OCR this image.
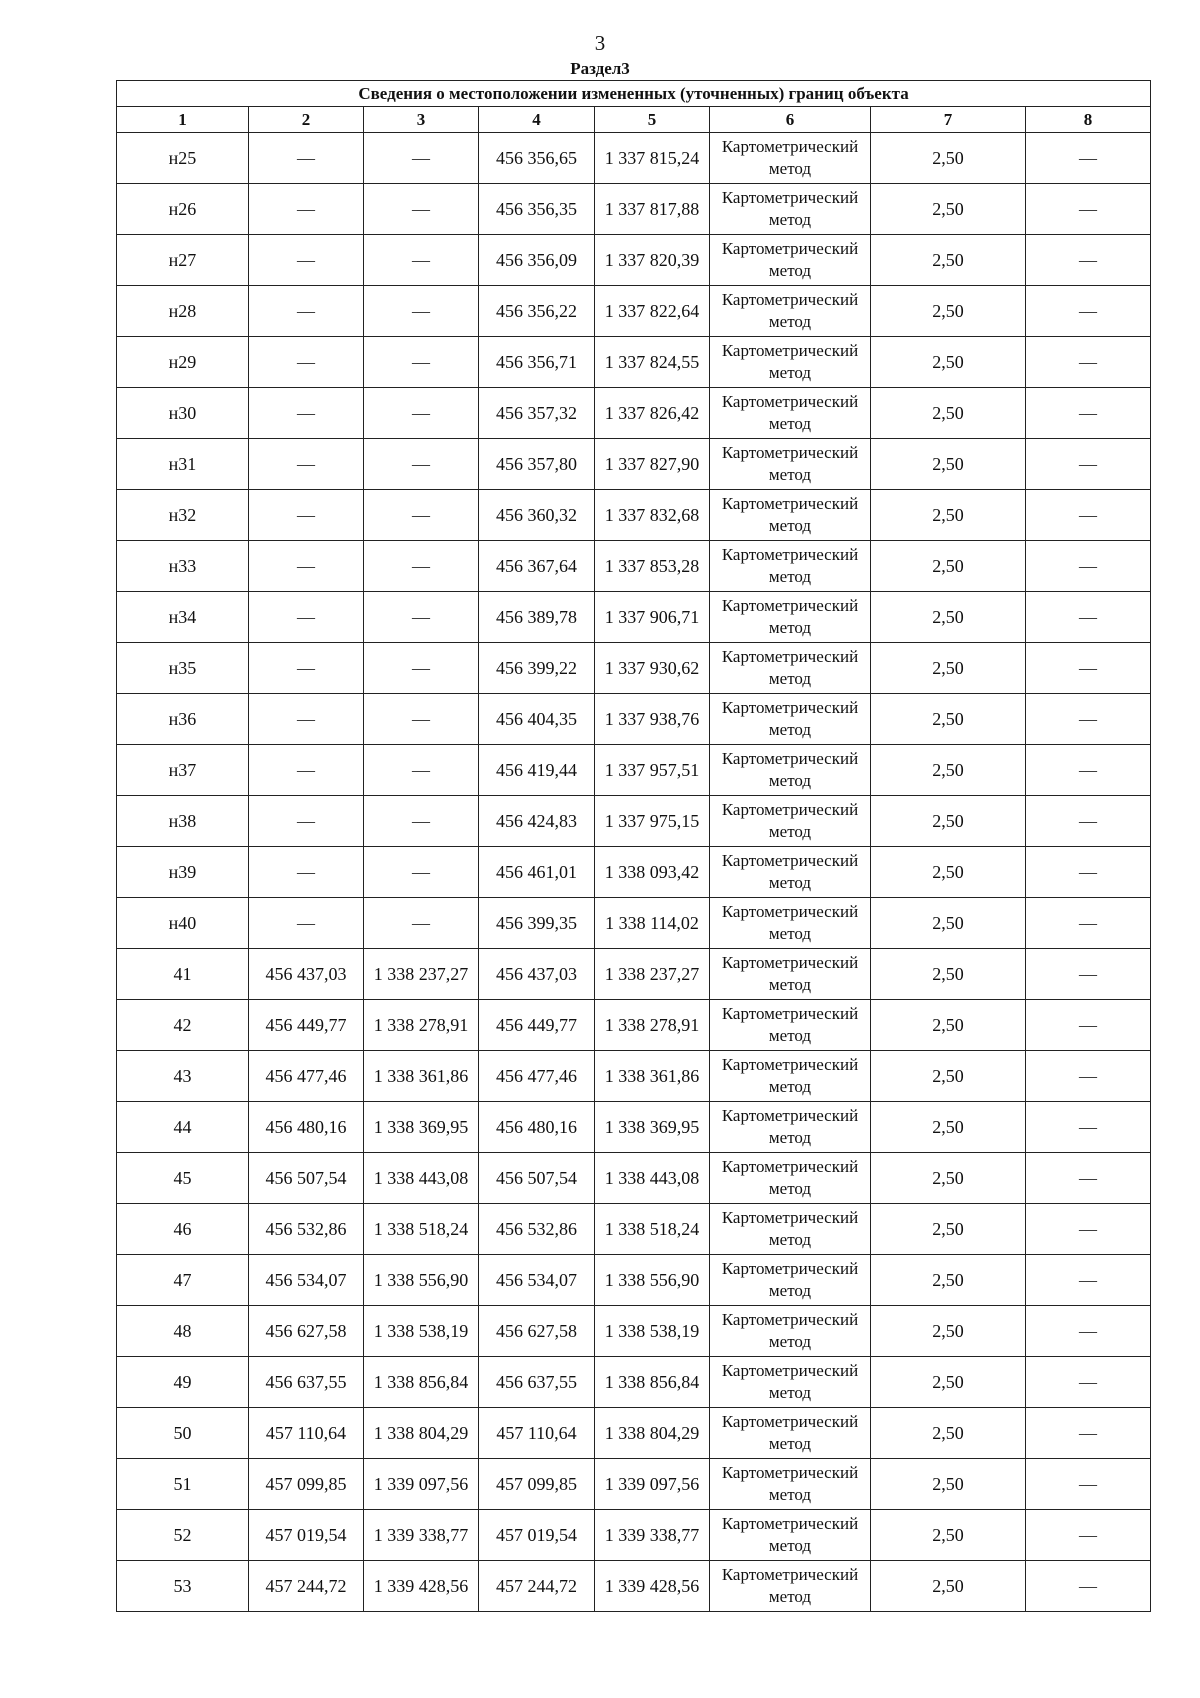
3
Раздел3
Сведения о местоположении измененных (уточненных) границ объекта							
1	2	3	4	5	6	7	8
н25	—	—	456 356,65	1 337 815,24	Картометрический метод	2,50	—
н26	—	—	456 356,35	1 337 817,88	Картометрический метод	2,50	—
н27	—	—	456 356,09	1 337 820,39	Картометрический метод	2,50	—
н28	—	—	456 356,22	1 337 822,64	Картометрический метод	2,50	—
н29	—	—	456 356,71	1 337 824,55	Картометрический метод	2,50	—
н30	—	—	456 357,32	1 337 826,42	Картометрический метод	2,50	—
н31	—	—	456 357,80	1 337 827,90	Картометрический метод	2,50	—
н32	—	—	456 360,32	1 337 832,68	Картометрический метод	2,50	—
н33	—	—	456 367,64	1 337 853,28	Картометрический метод	2,50	—
н34	—	—	456 389,78	1 337 906,71	Картометрический метод	2,50	—
н35	—	—	456 399,22	1 337 930,62	Картометрический метод	2,50	—
н36	—	—	456 404,35	1 337 938,76	Картометрический метод	2,50	—
н37	—	—	456 419,44	1 337 957,51	Картометрический метод	2,50	—
н38	—	—	456 424,83	1 337 975,15	Картометрический метод	2,50	—
н39	—	—	456 461,01	1 338 093,42	Картометрический метод	2,50	—
н40	—	—	456 399,35	1 338 114,02	Картометрический метод	2,50	—
41	456 437,03	1 338 237,27	456 437,03	1 338 237,27	Картометрический метод	2,50	—
42	456 449,77	1 338 278,91	456 449,77	1 338 278,91	Картометрический метод	2,50	—
43	456 477,46	1 338 361,86	456 477,46	1 338 361,86	Картометрический метод	2,50	—
44	456 480,16	1 338 369,95	456 480,16	1 338 369,95	Картометрический метод	2,50	—
45	456 507,54	1 338 443,08	456 507,54	1 338 443,08	Картометрический метод	2,50	—
46	456 532,86	1 338 518,24	456 532,86	1 338 518,24	Картометрический метод	2,50	—
47	456 534,07	1 338 556,90	456 534,07	1 338 556,90	Картометрический метод	2,50	—
48	456 627,58	1 338 538,19	456 627,58	1 338 538,19	Картометрический метод	2,50	—
49	456 637,55	1 338 856,84	456 637,55	1 338 856,84	Картометрический метод	2,50	—
50	457 110,64	1 338 804,29	457 110,64	1 338 804,29	Картометрический метод	2,50	—
51	457 099,85	1 339 097,56	457 099,85	1 339 097,56	Картометрический метод	2,50	—
52	457 019,54	1 339 338,77	457 019,54	1 339 338,77	Картометрический метод	2,50	—
53	457 244,72	1 339 428,56	457 244,72	1 339 428,56	Картометрический метод	2,50	—
